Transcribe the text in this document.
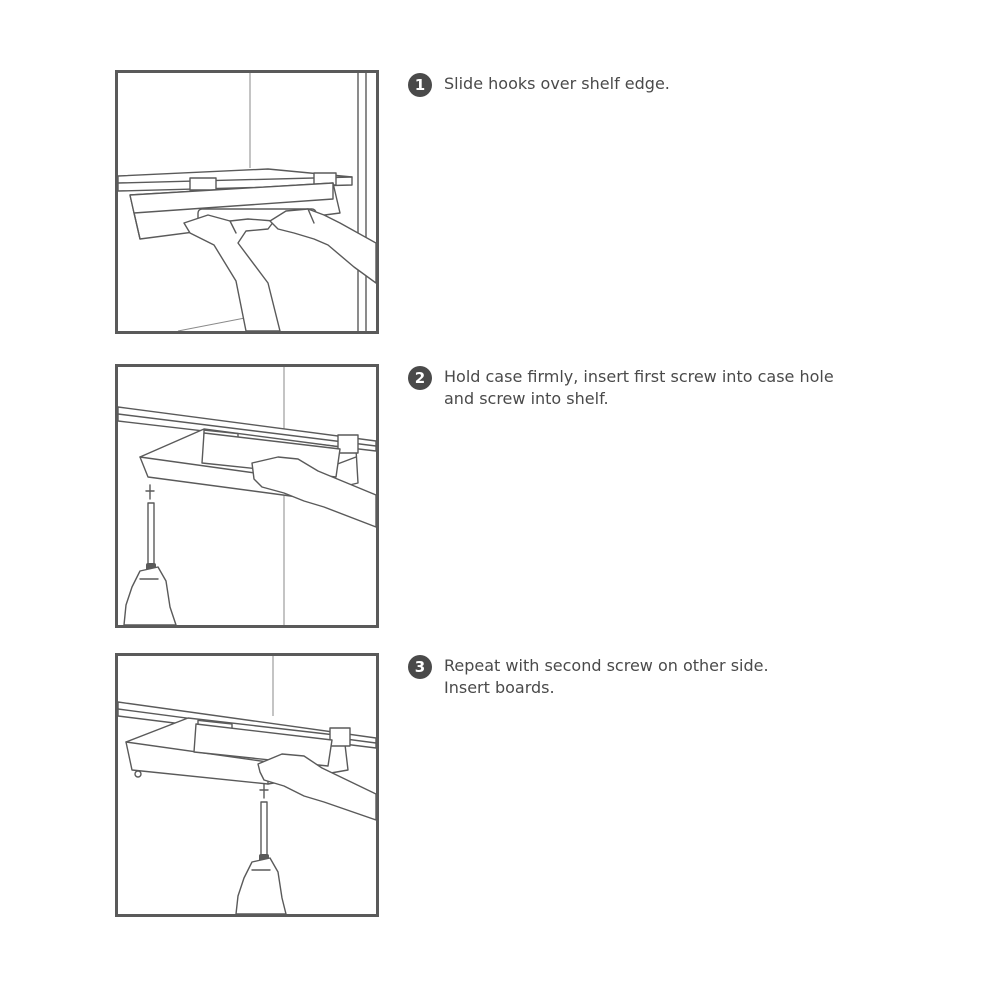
1	Slide hooks over shelf edge.
2	Hold case firmly, insert first screw into case hole
and screw into shelf.
3	Repeat with second screw on other side.
Insert boards.
